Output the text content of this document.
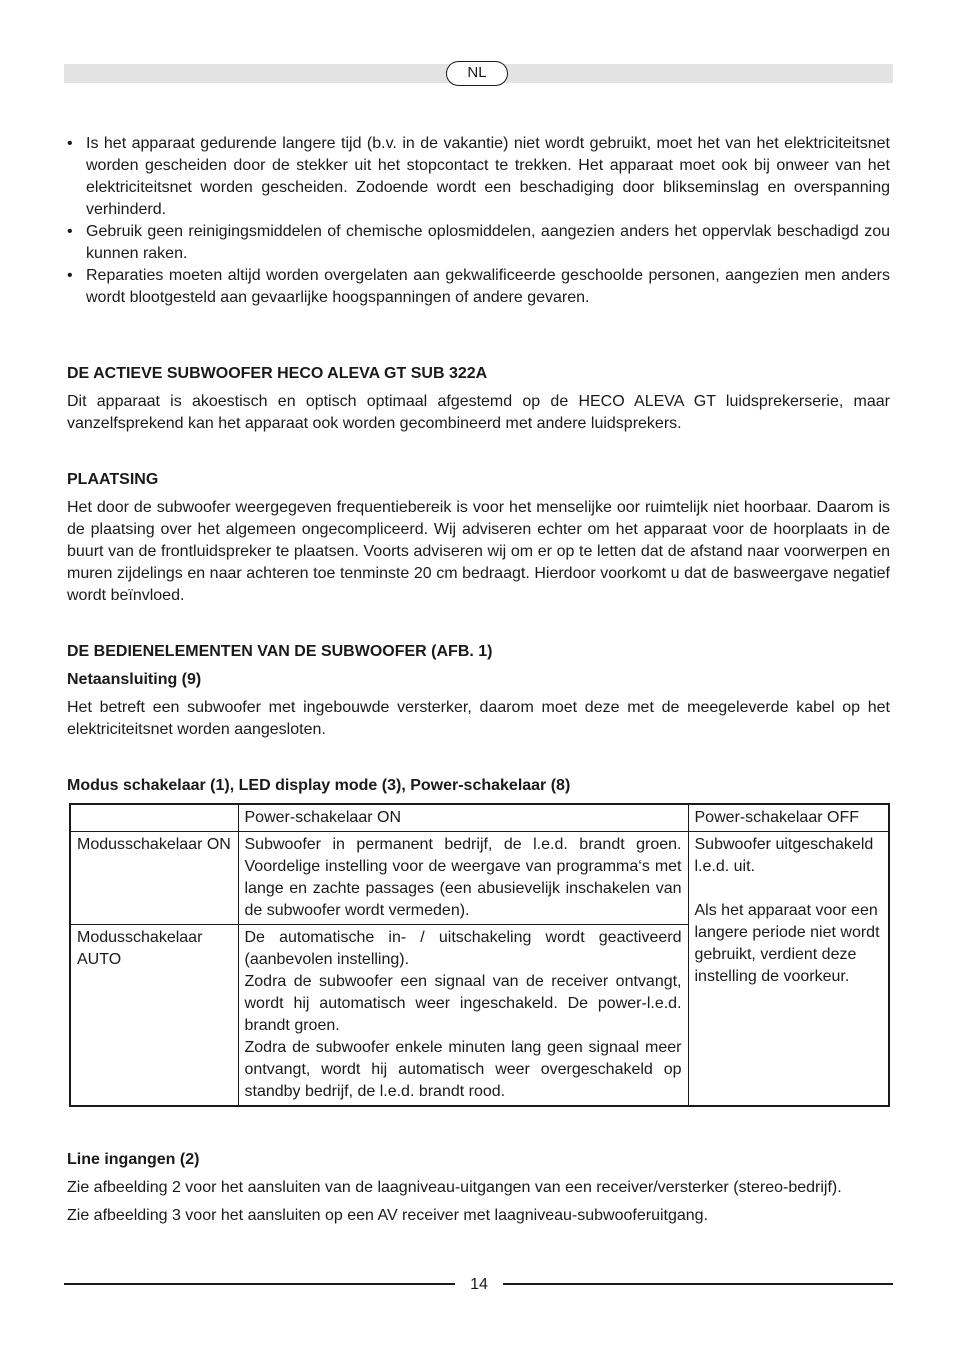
NL
• Is het apparaat gedurende langere tijd (b.v. in de vakantie) niet wordt gebruikt, moet het van het elektriciteitsnet worden gescheiden door de stekker uit het stopcontact te trekken. Het apparaat moet ook bij onweer van het elektriciteitsnet worden gescheiden. Zodoende wordt een beschadiging door blikseminslag en overspanning verhinderd.
• Gebruik geen reinigingsmiddelen of chemische oplosmiddelen, aangezien anders het oppervlak beschadigd zou kunnen raken.
• Reparaties moeten altijd worden overgelaten aan gekwalificeerde geschoolde personen, aangezien men anders wordt blootgesteld aan gevaarlijke hoogspanningen of andere gevaren.
DE ACTIEVE SUBWOOFER HECO ALEVA GT SUB 322A

Dit apparaat is akoestisch en optisch optimaal afgestemd op de HECO ALEVA GT luidsprekerserie, maar vanzelfsprekend kan het apparaat ook worden gecombineerd met andere luidsprekers.

PLAATSING

Het door de subwoofer weergegeven frequentiebereik is voor het menselijke oor ruimtelijk niet hoorbaar. Daarom is de plaatsing over het algemeen ongecompliceerd. Wij adviseren echter om het apparaat voor de hoorplaats in de buurt van de frontluidspreker te plaatsen. Voorts adviseren wij om er op te letten dat de afstand naar voorwerpen en muren zijdelings en naar achteren toe tenminste 20 cm bedraagt. Hierdoor voorkomt u dat de basweergave negatief wordt beïnvloed.

DE BEDIENELEMENTEN VAN DE SUBWOOFER (AFB. 1)
Netaansluiting (9)

Het betreft een subwoofer met ingebouwde versterker, daarom moet deze met de meegeleverde kabel op het elektriciteitsnet worden aangesloten.

Modus schakelaar (1), LED display mode (3), Power-schakelaar (8)
	Power-schakelaar ON	Power-schakelaar OFF
Modusschakelaar ON	Subwoofer in permanent bedrijf, de l.e.d. brandt groen. Voordelige instelling voor de weergave van programma‘s met lange en zachte passages (een abusievelijk inschakelen van de subwoofer wordt vermeden).	Subwoofer uitgeschakeld l.e.d. uit.
Als het apparaat voor een langere periode niet wordt gebruikt, verdient deze instelling de voorkeur.

Modusschakelaar AUTO	De automatische in- / uitschakeling wordt geactiveerd (aanbevolen instelling).
Zodra de subwoofer een signaal van de receiver ontvangt, wordt hij automatisch weer ingeschakeld. De power-l.e.d. brandt groen.
Zodra de subwoofer enkele minuten lang geen signaal meer ontvangt, wordt hij automatisch weer overgeschakeld op standby bedrijf, de l.e.d. brandt rood.	
Line ingangen (2)

Zie afbeelding 2 voor het aansluiten van de laagniveau-uitgangen van een receiver/versterker (stereo-bedrijf).

Zie afbeelding 3 voor het aansluiten op een AV receiver met laagniveau-subwooferuitgang.

14
